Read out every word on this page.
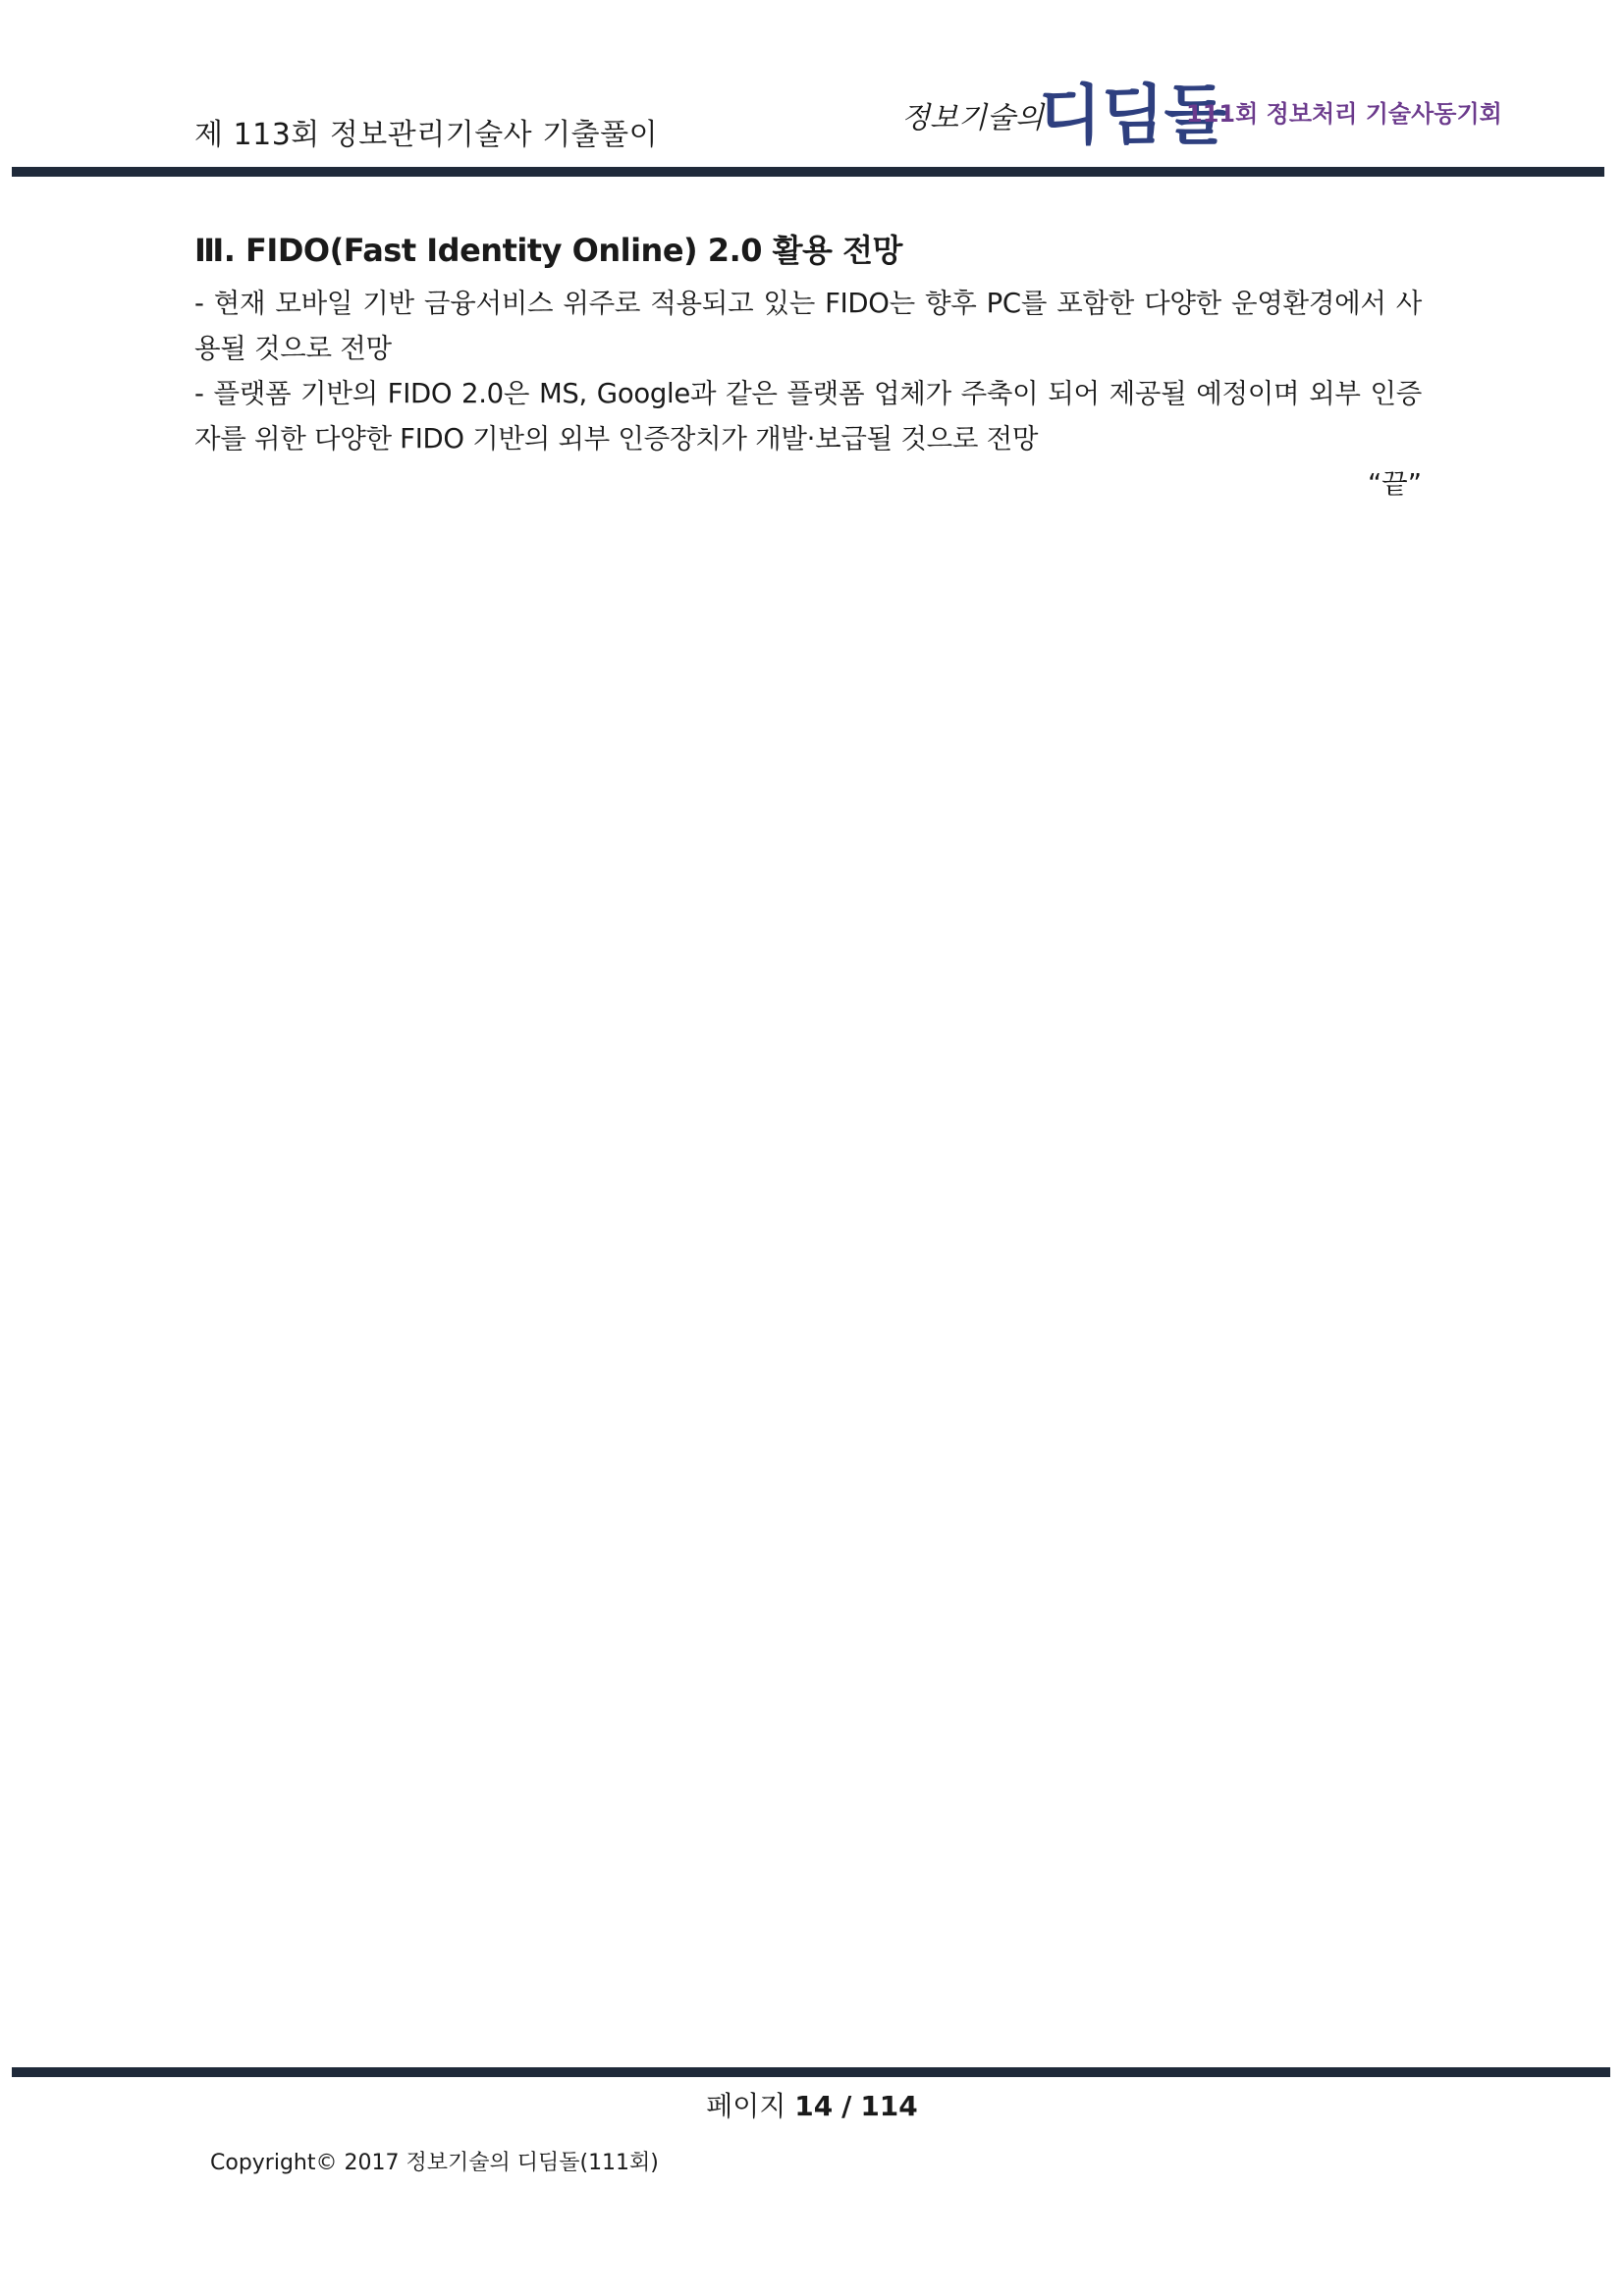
제 113회 정보관리기술사 기출풀이	정보기술의
디딤돌
111회 정보처리 기술사동기회
Ⅲ. FIDO(Fast Identity Online) 2.0 활용 전망

- 현재 모바일 기반 금융서비스 위주로 적용되고 있는 FIDO는 향후 PC를 포함한 다양한 운영환경에서 사용될 것으로 전망

- 플랫폼 기반의 FIDO 2.0은 MS, Google과 같은 플랫폼 업체가 주축이 되어 제공될 예정이며 외부 인증자를 위한 다양한 FIDO 기반의 외부 인증장치가 개발·보급될 것으로 전망

“끝”

페이지 14 / 114
Copyright© 2017 정보기술의 디딤돌(111회)
